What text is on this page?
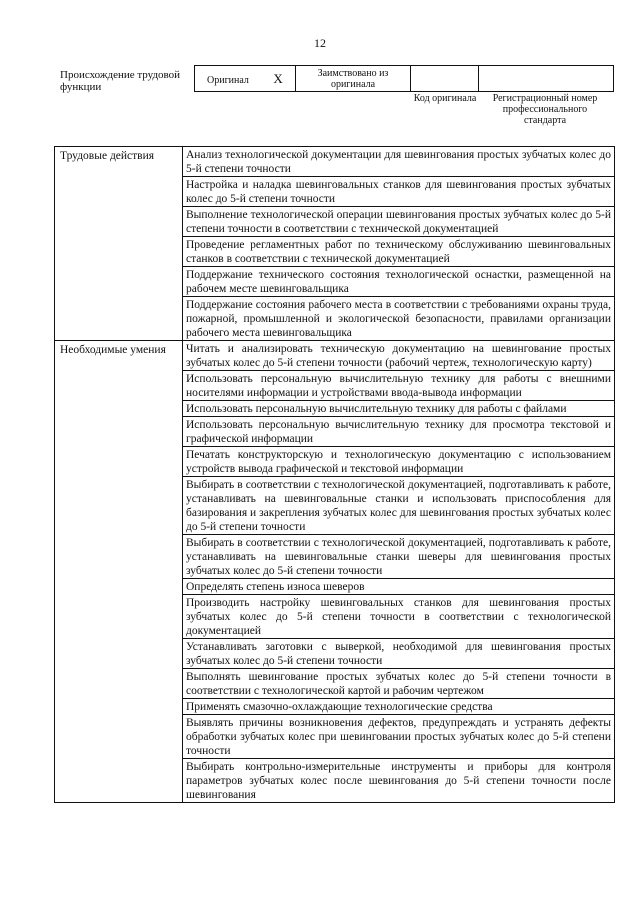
12
Происхождение трудовой функции
Оригинал X	Заимствовано из оригинала		
Код оригинала	Регистрационный номер профессионального стандарта
Трудовые действия	Анализ технологической документации для шевингования простых зубчатых колес до 5-й степени точности
	Настройка и наладка шевинговальных станков для шевингования простых зубчатых колес до 5-й степени точности
	Выполнение технологической операции шевингования простых зубчатых колес до 5-й степени точности в соответствии с технической документацией
	Проведение регламентных работ по техническому обслуживанию шевинговальных станков в соответствии с технической документацией
	Поддержание технического состояния технологической оснастки, размещенной на рабочем месте шевинговальщика
	Поддержание состояния рабочего места в соответствии с требованиями охраны труда, пожарной, промышленной и экологической безопасности, правилами организации рабочего места шевинговальщика
Необходимые умения	Читать и анализировать техническую документацию на шевингование простых зубчатых колес до 5-й степени точности (рабочий чертеж, технологическую карту)
	Использовать персональную вычислительную технику для работы с внешними носителями информации и устройствами ввода-вывода информации
	Использовать персональную вычислительную технику для работы с файлами
	Использовать персональную вычислительную технику для просмотра текстовой и графической информации
	Печатать конструкторскую и технологическую документацию с использованием устройств вывода графической и текстовой информации
	Выбирать в соответствии с технологической документацией, подготавливать к работе, устанавливать на шевинговальные станки и использовать приспособления для базирования и закрепления зубчатых колес для шевингования простых зубчатых колес до 5-й степени точности
	Выбирать в соответствии с технологической документацией, подготавливать к работе, устанавливать на шевинговальные станки шеверы для шевингования простых зубчатых колес до 5-й степени точности
	Определять степень износа шеверов
	Производить настройку шевинговальных станков для шевингования простых зубчатых колес до 5-й степени точности в соответствии с технологической документацией
	Устанавливать заготовки с выверкой, необходимой для шевингования простых зубчатых колес до 5-й степени точности
	Выполнять шевингование простых зубчатых колес до 5-й степени точности в соответствии с технологической картой и рабочим чертежом
	Применять смазочно-охлаждающие технологические средства
	Выявлять причины возникновения дефектов, предупреждать и устранять дефекты обработки зубчатых колес при шевинговании простых зубчатых колес до 5-й степени точности
	Выбирать контрольно-измерительные инструменты и приборы для контроля параметров зубчатых колес после шевингования до 5-й степени точности после шевингования
